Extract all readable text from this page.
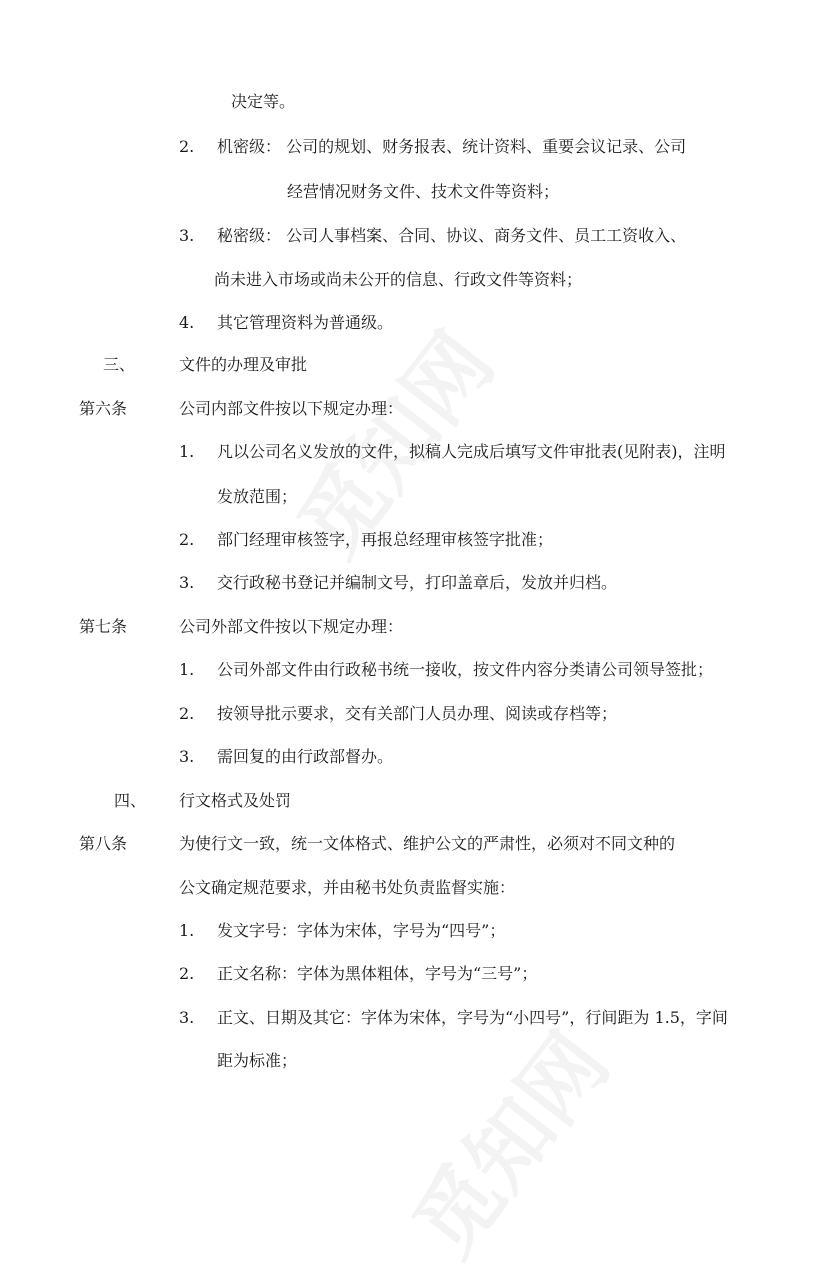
决定等。
2. 机密级： 公司的规划、财务报表、统计资料、重要会议记录、公司
经营情况财务文件、技术文件等资料；
3. 秘密级： 公司人事档案、合同、协议、商务文件、员工工资收入、
尚未进入市场或尚未公开的信息、行政文件等资料；
4. 其它管理资料为普通级。
三、	文件的办理及审批
第六条	公司内部文件按以下规定办理：
1. 凡以公司名义发放的文件，拟稿人完成后填写文件审批表(见附表)，注明
发放范围；
2. 部门经理审核签字，再报总经理审核签字批准；
3. 交行政秘书登记并编制文号，打印盖章后，发放并归档。
第七条	公司外部文件按以下规定办理：
1. 公司外部文件由行政秘书统一接收，按文件内容分类请公司领导签批；
2. 按领导批示要求，交有关部门人员办理、阅读或存档等；
3. 需回复的由行政部督办。
四、 行文格式及处罚
第八条	为使行文一致，统一文体格式、维护公文的严肃性，必须对不同文种的
公文确定规范要求，并由秘书处负责监督实施：
1. 发文字号：字体为宋体，字号为“四号”；
2. 正文名称：字体为黑体粗体，字号为“三号”；
3. 正文、日期及其它：字体为宋体，字号为“小四号”，行间距为 1.5，字间
距为标准；
